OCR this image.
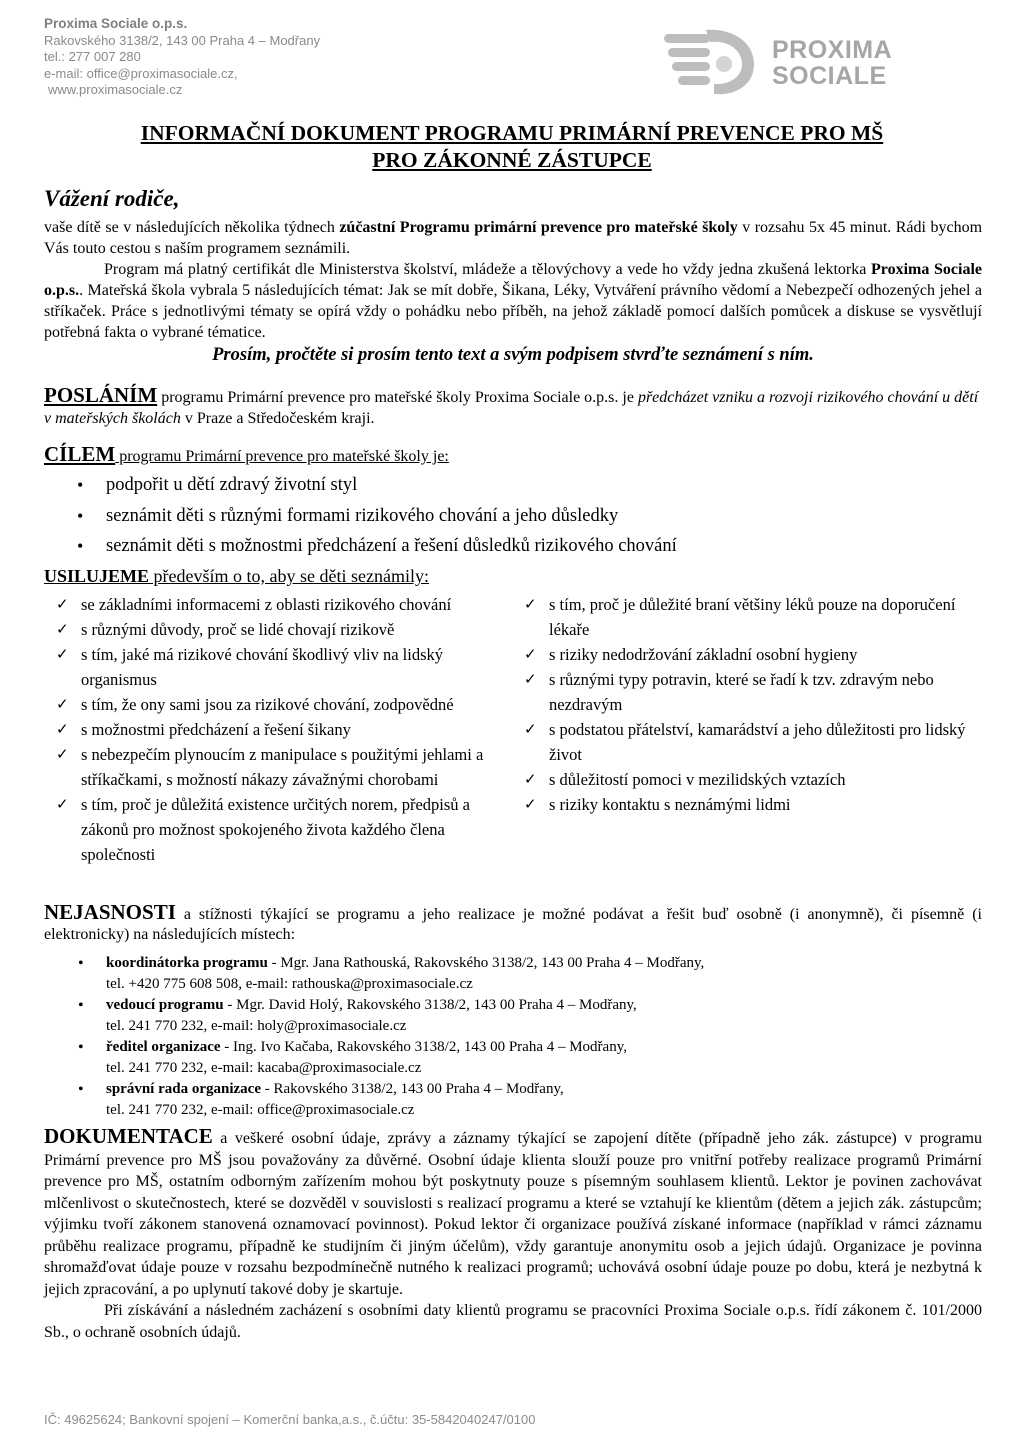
Proxima Sociale o.p.s.
Rakovského 3138/2, 143 00 Praha 4 – Modřany
tel.: 277 007 280
e-mail: office@proximasociale.cz,
www.proximasociale.cz
PROXIMA
SOCIALE
INFORMAČNÍ DOKUMENT PROGRAMU PRIMÁRNÍ PREVENCE PRO MŠ
PRO ZÁKONNÉ ZÁSTUPCE
Vážení rodiče,

vaše dítě se v následujících několika týdnech zúčastní Programu primární prevence pro mateřské školy v rozsahu 5x 45 minut. Rádi bychom Vás touto cestou s naším programem seznámili.

Program má platný certifikát dle Ministerstva školství, mládeže a tělovýchovy a vede ho vždy jedna zkušená lektorka Proxima Sociale o.p.s.. Mateřská škola vybrala 5 následujících témat: Jak se mít dobře, Šikana, Léky, Vytváření právního vědomí a Nebezpečí odhozených jehel a stříkaček. Práce s jednotlivými tématy se opírá vždy o pohádku nebo příběh, na jehož základě pomocí dalších pomůcek a diskuse se vysvětlují potřebná fakta o vybrané tématice.

Prosím, pročtěte si prosím tento text a svým podpisem stvrďte seznámení s ním.

POSLÁNÍM programu Primární prevence pro mateřské školy Proxima Sociale o.p.s. je předcházet vzniku a rozvoji rizikového chování u dětí v mateřských školách v Praze a Středočeském kraji.
CÍLEM programu Primární prevence pro mateřské školy je:
• podpořit u dětí zdravý životní styl
• seznámit děti s různými formami rizikového chování a jeho důsledky
• seznámit děti s možnostmi předcházení a řešení důsledků rizikového chování
USILUJEME především o to, aby se děti seznámily:
✓ se základními informacemi z oblasti rizikového chování
✓ s různými důvody, proč se lidé chovají rizikově
✓ s tím, jaké má rizikové chování škodlivý vliv na lidský organismus
✓ s tím, že ony sami jsou za rizikové chování, zodpovědné
✓ s možnostmi předcházení a řešení šikany
✓ s nebezpečím plynoucím z manipulace s použitými jehlami a stříkačkami, s možností nákazy závažnými chorobami
✓ s tím, proč je důležitá existence určitých norem, předpisů a zákonů pro možnost spokojeného života každého člena společnosti
✓ s tím, proč je důležité braní většiny léků pouze na doporučení lékaře
✓ s riziky nedodržování základní osobní hygieny
✓ s různými typy potravin, které se řadí k tzv. zdravým nebo nezdravým
✓ s podstatou přátelství, kamarádství a jeho důležitosti pro lidský život
✓ s důležitostí pomoci v mezilidských vztazích
✓ s riziky kontaktu s neznámými lidmi

NEJASNOSTI a stížnosti týkající se programu a jeho realizace je možné podávat a řešit buď osobně (i anonymně), či písemně (i elektronicky) na následujících místech:

• koordinátorka programu - Mgr. Jana Rathouská, Rakovského 3138/2, 143 00 Praha 4 – Modřany,
tel. +420 775 608 508, e-mail: rathouska@proximasociale.cz
• vedoucí programu - Mgr. David Holý, Rakovského 3138/2, 143 00 Praha 4 – Modřany,
tel. 241 770 232, e-mail: holy@proximasociale.cz
• ředitel organizace - Ing. Ivo Kačaba, Rakovského 3138/2, 143 00 Praha 4 – Modřany,
tel. 241 770 232, e-mail: kacaba@proximasociale.cz
• správní rada organizace - Rakovského 3138/2, 143 00 Praha 4 – Modřany,
tel. 241 770 232, e-mail: office@proximasociale.cz

DOKUMENTACE a veškeré osobní údaje, zprávy a záznamy týkající se zapojení dítěte (případně jeho zák. zástupce) v programu Primární prevence pro MŠ jsou považovány za důvěrné. Osobní údaje klienta slouží pouze pro vnitřní potřeby realizace programů Primární prevence pro MŠ, ostatním odborným zařízením mohou být poskytnuty pouze s písemným souhlasem klientů. Lektor je povinen zachovávat mlčenlivost o skutečnostech, které se dozvěděl v souvislosti s realizací programu a které se vztahují ke klientům (dětem a jejich zák. zástupcům; výjimku tvoří zákonem stanovená oznamovací povinnost). Pokud lektor či organizace používá získané informace (například v rámci záznamu průběhu realizace programu, případně ke studijním či jiným účelům), vždy garantuje anonymitu osob a jejich údajů. Organizace je povinna shromažďovat údaje pouze v rozsahu bezpodmínečně nutného k realizaci programů; uchovává osobní údaje pouze po dobu, která je nezbytná k jejich zpracování, a po uplynutí takové doby je skartuje.

Při získávání a následném zacházení s osobními daty klientů programu se pracovníci Proxima Sociale o.p.s. řídí zákonem č. 101/2000 Sb., o ochraně osobních údajů.

IČ: 49625624; Bankovní spojení – Komerční banka,a.s., č.účtu: 35-5842040247/0100
